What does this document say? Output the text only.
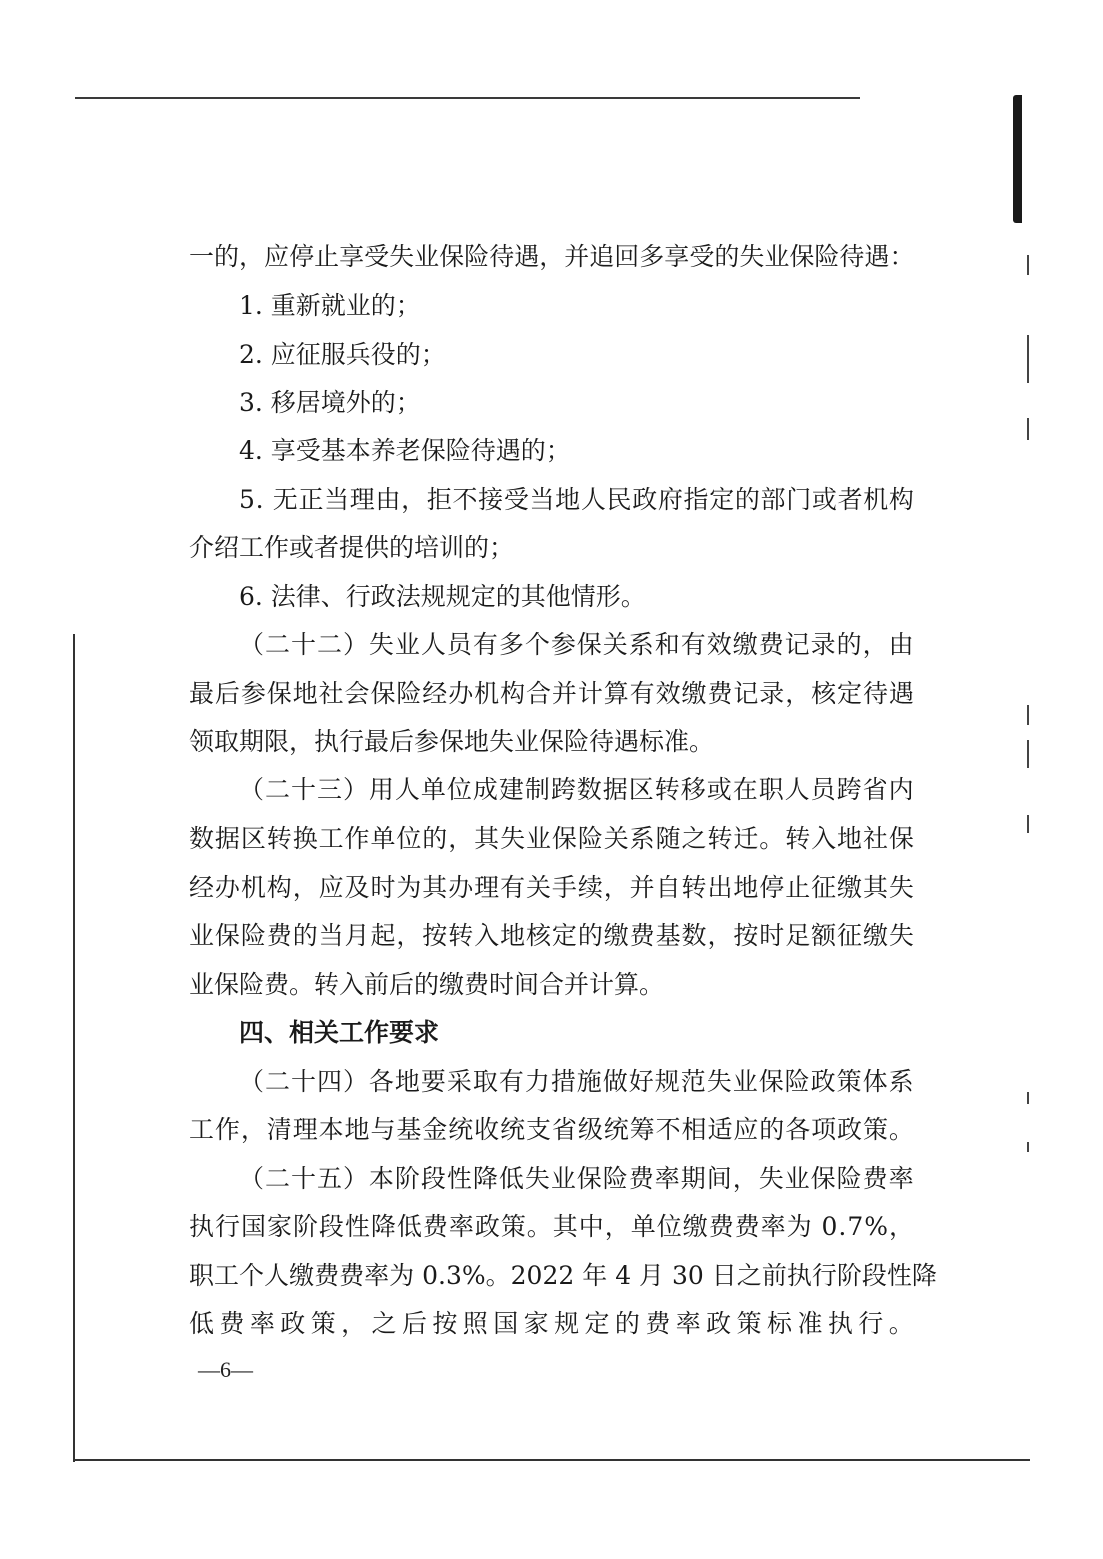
一 的 ， 应 停 止 享 受 失 业 保 险 待 遇 ， 并 追 回 多 享 受 的 失 业 保 险 待 遇 ：
1. 重新就业的；
2. 应征服兵役的；
3. 移居境外的；
4. 享受基本养老保险待遇的；
5 .
无 正 当 理 由 ， 拒 不 接 受 当 地 人 民 政 府 指 定 的 部 门 或 者 机 构
介绍工作或者提供的培训的；
6. 法律、行政法规规定的其他情形。
（ 二 十 二 ） 失 业 人 员 有 多 个 参 保 关 系 和 有 效 缴 费 记 录 的 ， 由
最 后 参 保 地 社 会 保 险 经 办 机 构 合 并 计 算 有 效 缴 费 记 录 ， 核 定 待 遇
领取期限，执行最后参保地失业保险待遇标准。
（ 二 十 三 ） 用 人 单 位 成 建 制 跨 数 据 区 转 移 或 在 职 人 员 跨 省 内
数 据 区 转 换 工 作 单 位 的 ， 其 失 业 保 险 关 系 随 之 转 迁 。 转 入 地 社 保
经 办 机 构 ， 应 及 时 为 其 办 理 有 关 手 续 ， 并 自 转 出 地 停 止 征 缴 其 失
业 保 险 费 的 当 月 起 ， 按 转 入 地 核 定 的 缴 费 基 数 ， 按 时 足 额 征 缴 失
业保险费。转入前后的缴费时间合并计算。
四、相关工作要求
（ 二 十 四 ） 各 地 要 采 取 有 力 措 施 做 好 规 范 失 业 保 险 政 策 体 系
工 作 ， 清 理 本 地 与 基 金 统 收 统 支 省 级 统 筹 不 相 适 应 的 各 项 政 策 。
（ 二 十 五 ） 本 阶 段 性 降 低 失 业 保 险 费 率 期 间 ， 失 业 保 险 费 率
执 行 国 家 阶 段 性 降 低 费 率 政 策 。 其 中 ， 单 位 缴 费 费 率 为
0 . 7 % ，
职 工 个 人 缴 费 费 率 为
0 . 3 % 。 2 0 2 2
年
4
月
3 0
日 之 前 执 行 阶 段 性 降
低 费 率 政 策 ， 之 后 按 照 国 家 规 定 的 费 率 政 策 标 准 执 行 。
—6—
